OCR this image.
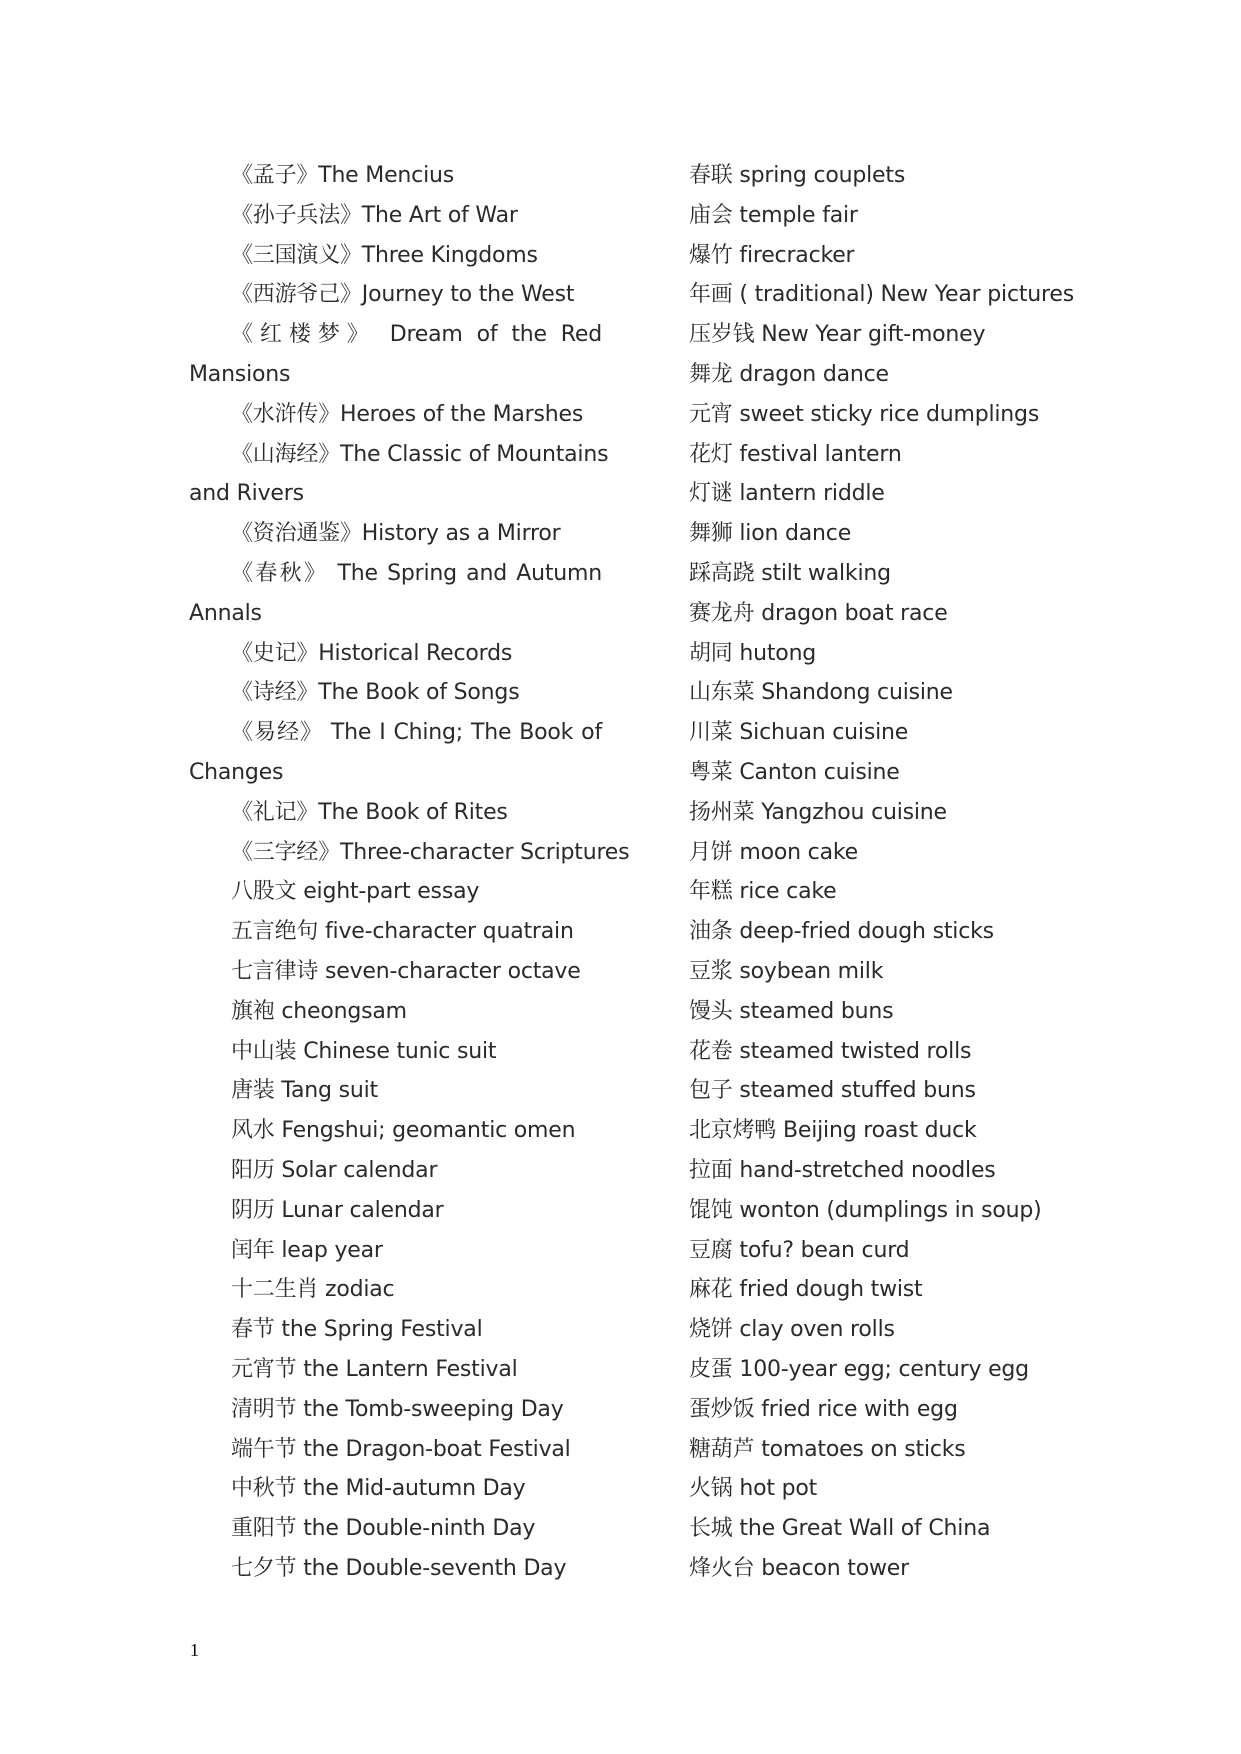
《孟子》The Mencius
《孙子兵法》The Art of War
《三国演义》Three Kingdoms
《西游爷己》Journey to the West
《红楼梦》 Dream of the Red
Mansions
《水浒传》Heroes of the Marshes
《山海经》The Classic of Mountains
and Rivers
《资治通鉴》History as a Mirror
《春秋》 The Spring and Autumn
Annals
《史记》Historical Records
《诗经》The Book of Songs
《易经》 The I Ching; The Book of
Changes
《礼记》The Book of Rites
《三字经》Three-character Scriptures
八股文 eight-part essay
五言绝句 five-character quatrain
七言律诗 seven-character octave
旗袍 cheongsam
中山装 Chinese tunic suit
唐装 Tang suit
风水 Fengshui; geomantic omen
阳历 Solar calendar
阴历 Lunar calendar
闰年 leap year
十二生肖 zodiac
春节 the Spring Festival
元宵节 the Lantern Festival
清明节 the Tomb-sweeping Day
端午节 the Dragon-boat Festival
中秋节 the Mid-autumn Day
重阳节 the Double-ninth Day
七夕节 the Double-seventh Day
春联 spring couplets
庙会 temple fair
爆竹 firecracker
年画 ( traditional) New Year pictures
压岁钱 New Year gift-money
舞龙 dragon dance
元宵 sweet sticky rice dumplings
花灯 festival lantern
灯谜 lantern riddle
舞狮 lion dance
踩高跷 stilt walking
赛龙舟 dragon boat race
胡同 hutong
山东菜 Shandong cuisine
川菜 Sichuan cuisine
粤菜 Canton cuisine
扬州菜 Yangzhou cuisine
月饼 moon cake
年糕 rice cake
油条 deep-fried dough sticks
豆浆 soybean milk
馒头 steamed buns
花卷 steamed twisted rolls
包子 steamed stuffed buns
北京烤鸭 Beijing roast duck
拉面 hand-stretched noodles
馄饨 wonton (dumplings in soup)
豆腐 tofu? bean curd
麻花 fried dough twist
烧饼 clay oven rolls
皮蛋 100-year egg; century egg
蛋炒饭 fried rice with egg
糖葫芦 tomatoes on sticks
火锅 hot pot
长城 the Great Wall of China
烽火台 beacon tower
1
